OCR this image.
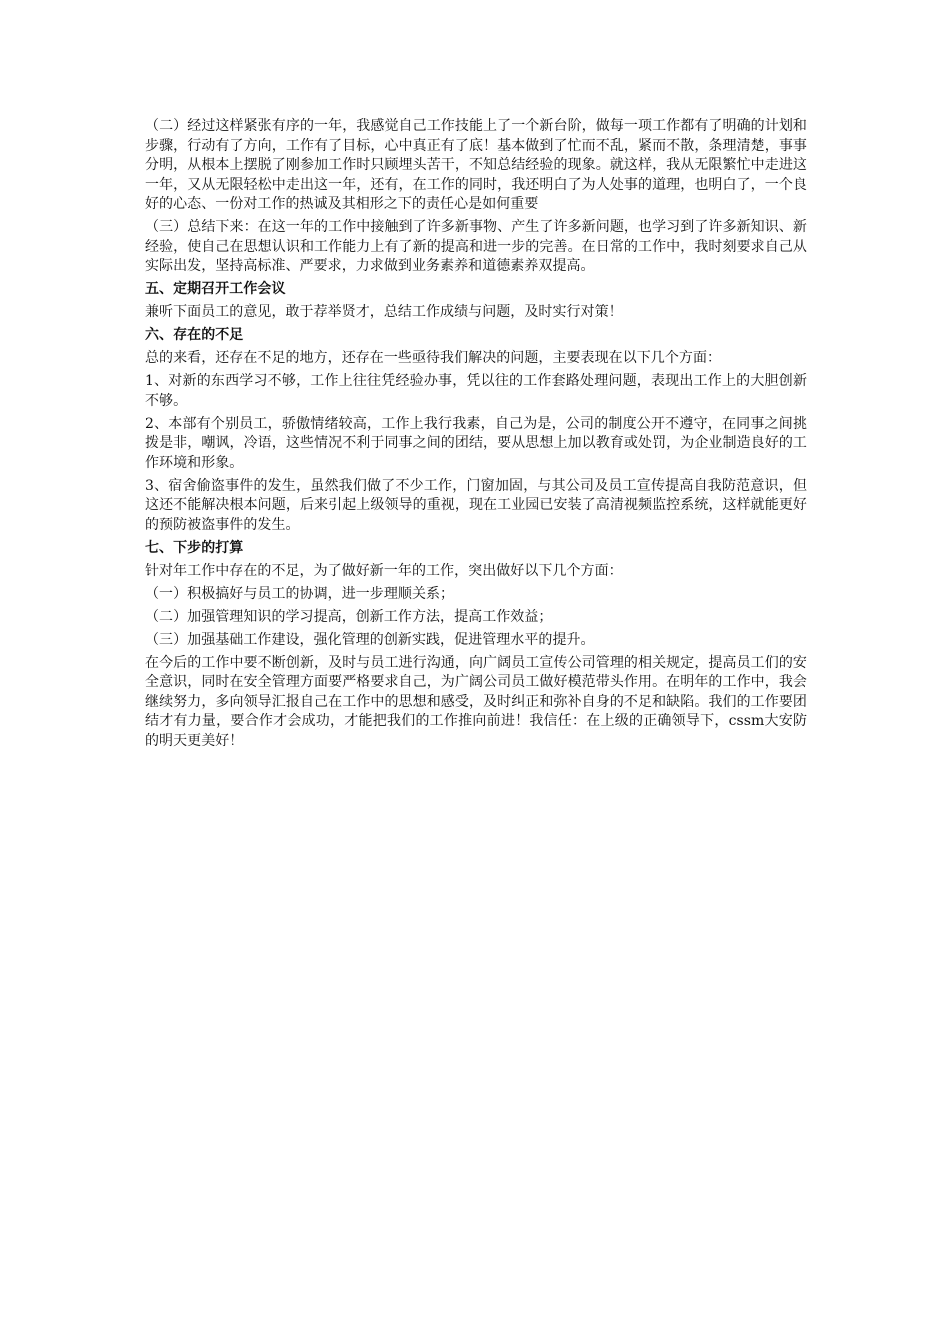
（二）经过这样紧张有序的一年，我感觉自己工作技能上了一个新台阶，做每一项工作都有了明确的计划和步骤，行动有了方向，工作有了目标，心中真正有了底！基本做到了忙而不乱，紧而不散，条理清楚，事事分明，从根本上摆脱了刚参加工作时只顾埋头苦干，不知总结经验的现象。就这样，我从无限繁忙中走进这一年，又从无限轻松中走出这一年，还有，在工作的同时，我还明白了为人处事的道理，也明白了，一个良好的心态、一份对工作的热诚及其相形之下的责任心是如何重要

（三）总结下来：在这一年的工作中接触到了许多新事物、产生了许多新问题，也学习到了许多新知识、新经验，使自己在思想认识和工作能力上有了新的提高和进一步的完善。在日常的工作中，我时刻要求自己从实际出发，坚持高标准、严要求，力求做到业务素养和道德素养双提高。

五、定期召开工作会议

兼听下面员工的意见，敢于荐举贤才，总结工作成绩与问题，及时实行对策！

六、存在的不足

总的来看，还存在不足的地方，还存在一些亟待我们解决的问题，主要表现在以下几个方面：

1、对新的东西学习不够，工作上往往凭经验办事，凭以往的工作套路处理问题，表现出工作上的大胆创新不够。

2、本部有个别员工，骄傲情绪较高，工作上我行我素，自己为是，公司的制度公开不遵守，在同事之间挑拨是非，嘲讽，冷语，这些情况不利于同事之间的团结，要从思想上加以教育或处罚，为企业制造良好的工作环境和形象。

3、宿舍偷盗事件的发生，虽然我们做了不少工作，门窗加固，与其公司及员工宣传提高自我防范意识，但这还不能解决根本问题，后来引起上级领导的重视，现在工业园已安装了高清视频监控系统，这样就能更好的预防被盗事件的发生。

七、下步的打算

针对年工作中存在的不足，为了做好新一年的工作，突出做好以下几个方面：

（一）积极搞好与员工的协调，进一步理顺关系；

（二）加强管理知识的学习提高，创新工作方法，提高工作效益；

（三）加强基础工作建设，强化管理的创新实践，促进管理水平的提升。

在今后的工作中要不断创新，及时与员工进行沟通，向广阔员工宣传公司管理的相关规定，提高员工们的安全意识，同时在安全管理方面要严格要求自己，为广阔公司员工做好模范带头作用。在明年的工作中，我会继续努力，多向领导汇报自己在工作中的思想和感受，及时纠正和弥补自身的不足和缺陷。我们的工作要团结才有力量，要合作才会成功，才能把我们的工作推向前进！我信任：在上级的正确领导下，cssm大安防的明天更美好！
